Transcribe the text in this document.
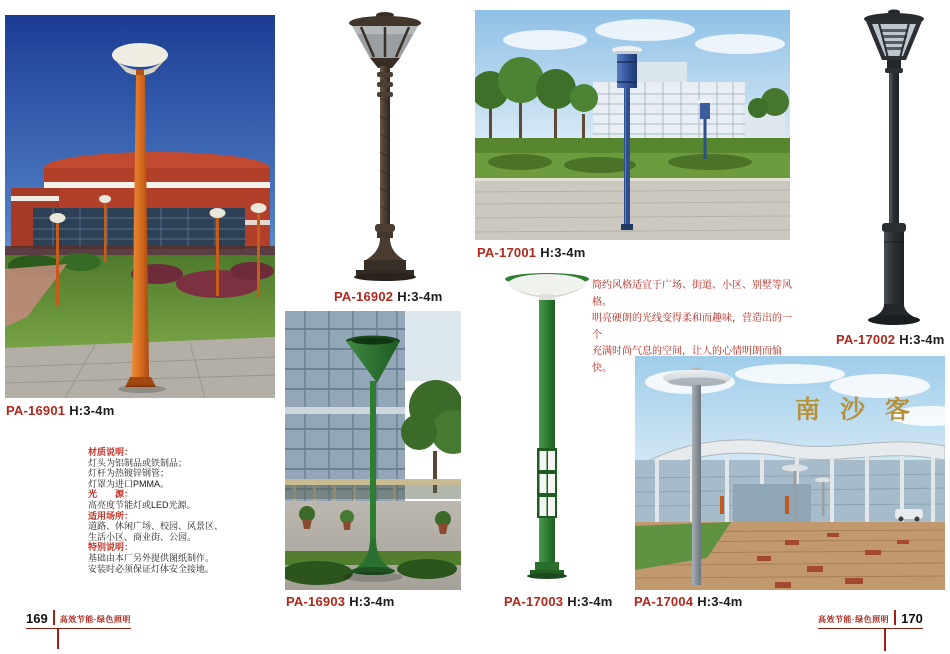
南沙客
PA-16901 H:3-4m
PA-16902 H:3-4m
PA-16903 H:3-4m
PA-17001 H:3-4m
PA-17002 H:3-4m
PA-17003 H:3-4m PA-17004 H:3-4m
材质说明：
灯头为铝制品或铁制品；
灯杆为热镀锌钢管；
灯罩为进口PMMA。
光　　源：
高亮度节能灯或LED光源。
适用场所：
道路、休闲广场、校园、风景区、
生活小区、商业街、公园。
特别说明：
基础由本厂另外提供图纸制作。
安装时必须保证灯体安全接地。
简约风格适宜于广场、街道、小区、别墅等风格。
明亮硬朗的光线变得柔和而趣味，营造出的一个
充满时尚气息的空间，让人的心情明朗而愉快。
169 高效节能·绿色照明	高效节能·绿色照明 170
